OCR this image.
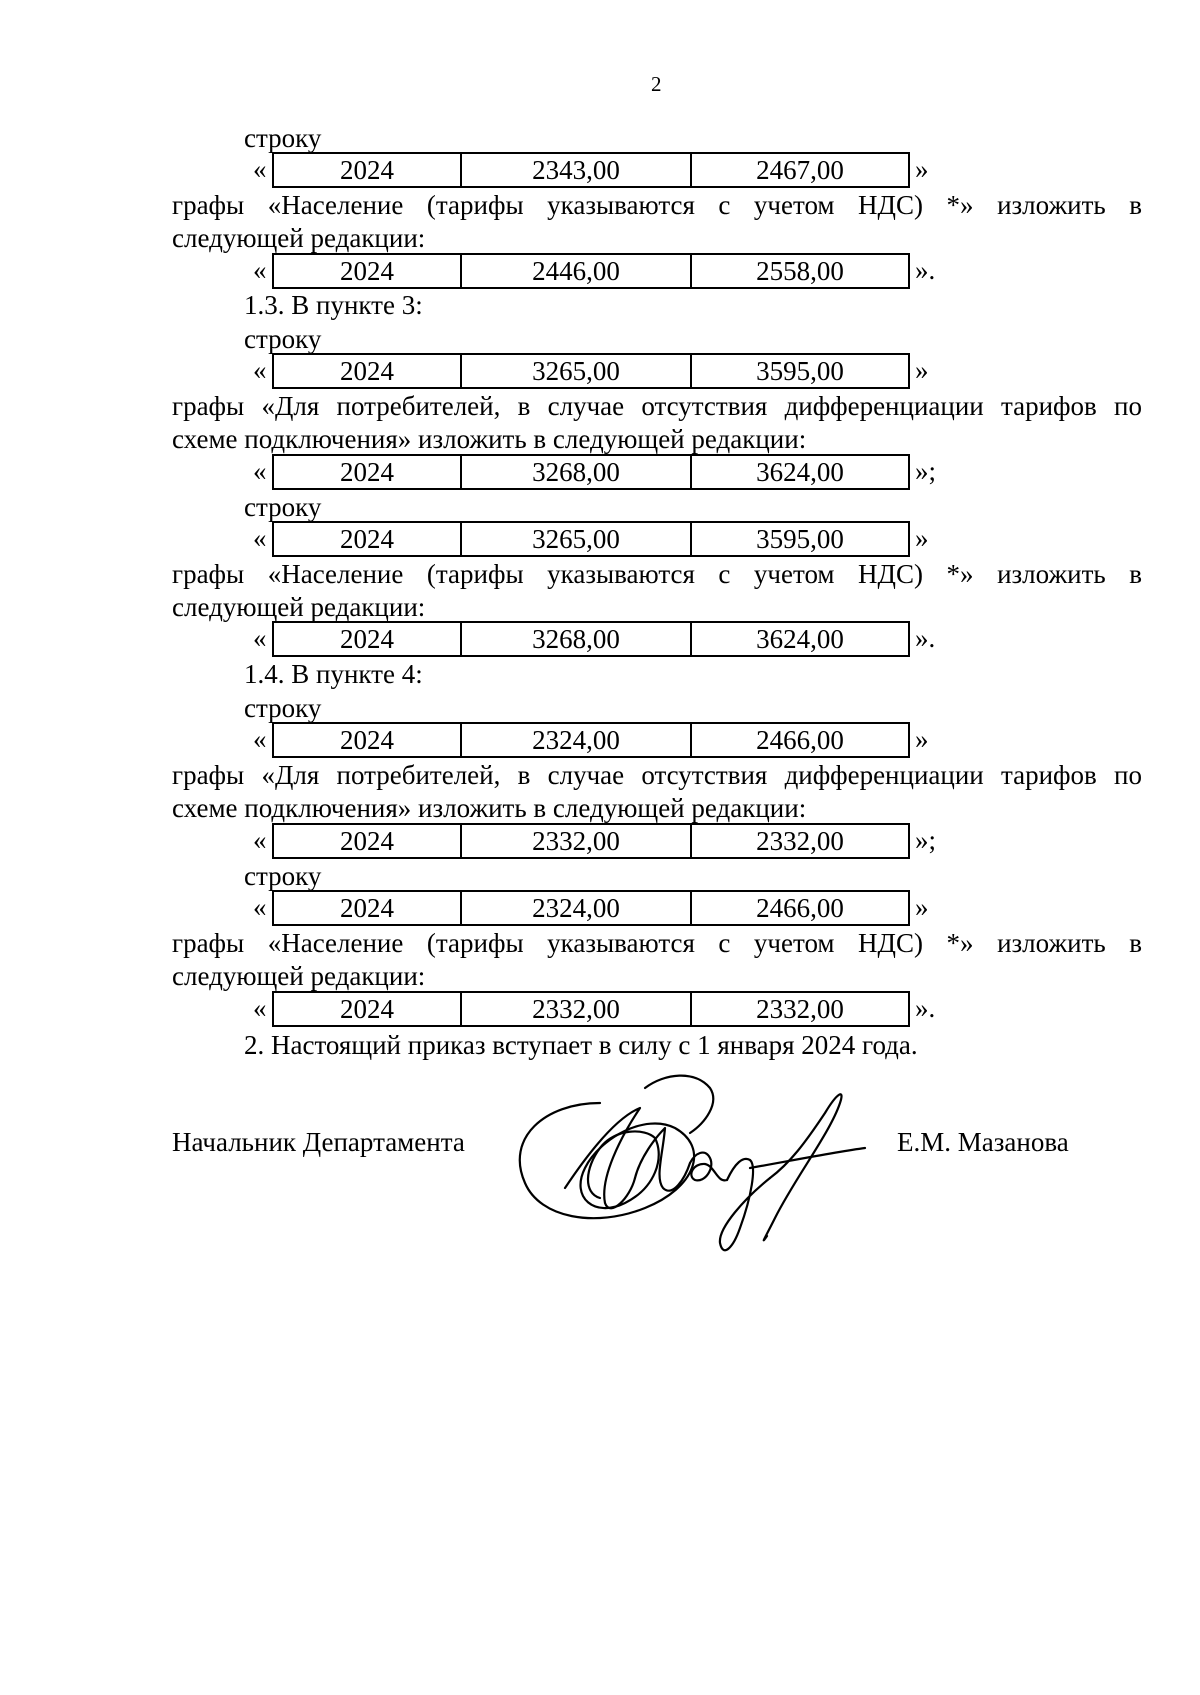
2
строку
«	2024	2343,00	2467,00	»
графы «Население (тарифы указываются с учетом НДС) *» изложить в
следующей редакции:
«	2024	2446,00	2558,00	».
1.3. В пункте 3:
строку
«	2024	3265,00	3595,00	»
графы «Для потребителей, в случае отсутствия дифференциации тарифов по
схеме подключения» изложить в следующей редакции:
«	2024	3268,00	3624,00	»;
строку
«	2024	3265,00	3595,00	»
графы «Население (тарифы указываются с учетом НДС) *» изложить в
следующей редакции:
«	2024	3268,00	3624,00	».
1.4. В пункте 4:
строку
«	2024	2324,00	2466,00	»
графы «Для потребителей, в случае отсутствия дифференциации тарифов по
схеме подключения» изложить в следующей редакции:
«	2024	2332,00	2332,00	»;
строку
«	2024	2324,00	2466,00	»
графы «Население (тарифы указываются с учетом НДС) *» изложить в
следующей редакции:
«	2024	2332,00	2332,00	».
2. Настоящий приказ вступает в силу с 1 января 2024 года.
Начальник Департамента	Е.М. Мазанова
